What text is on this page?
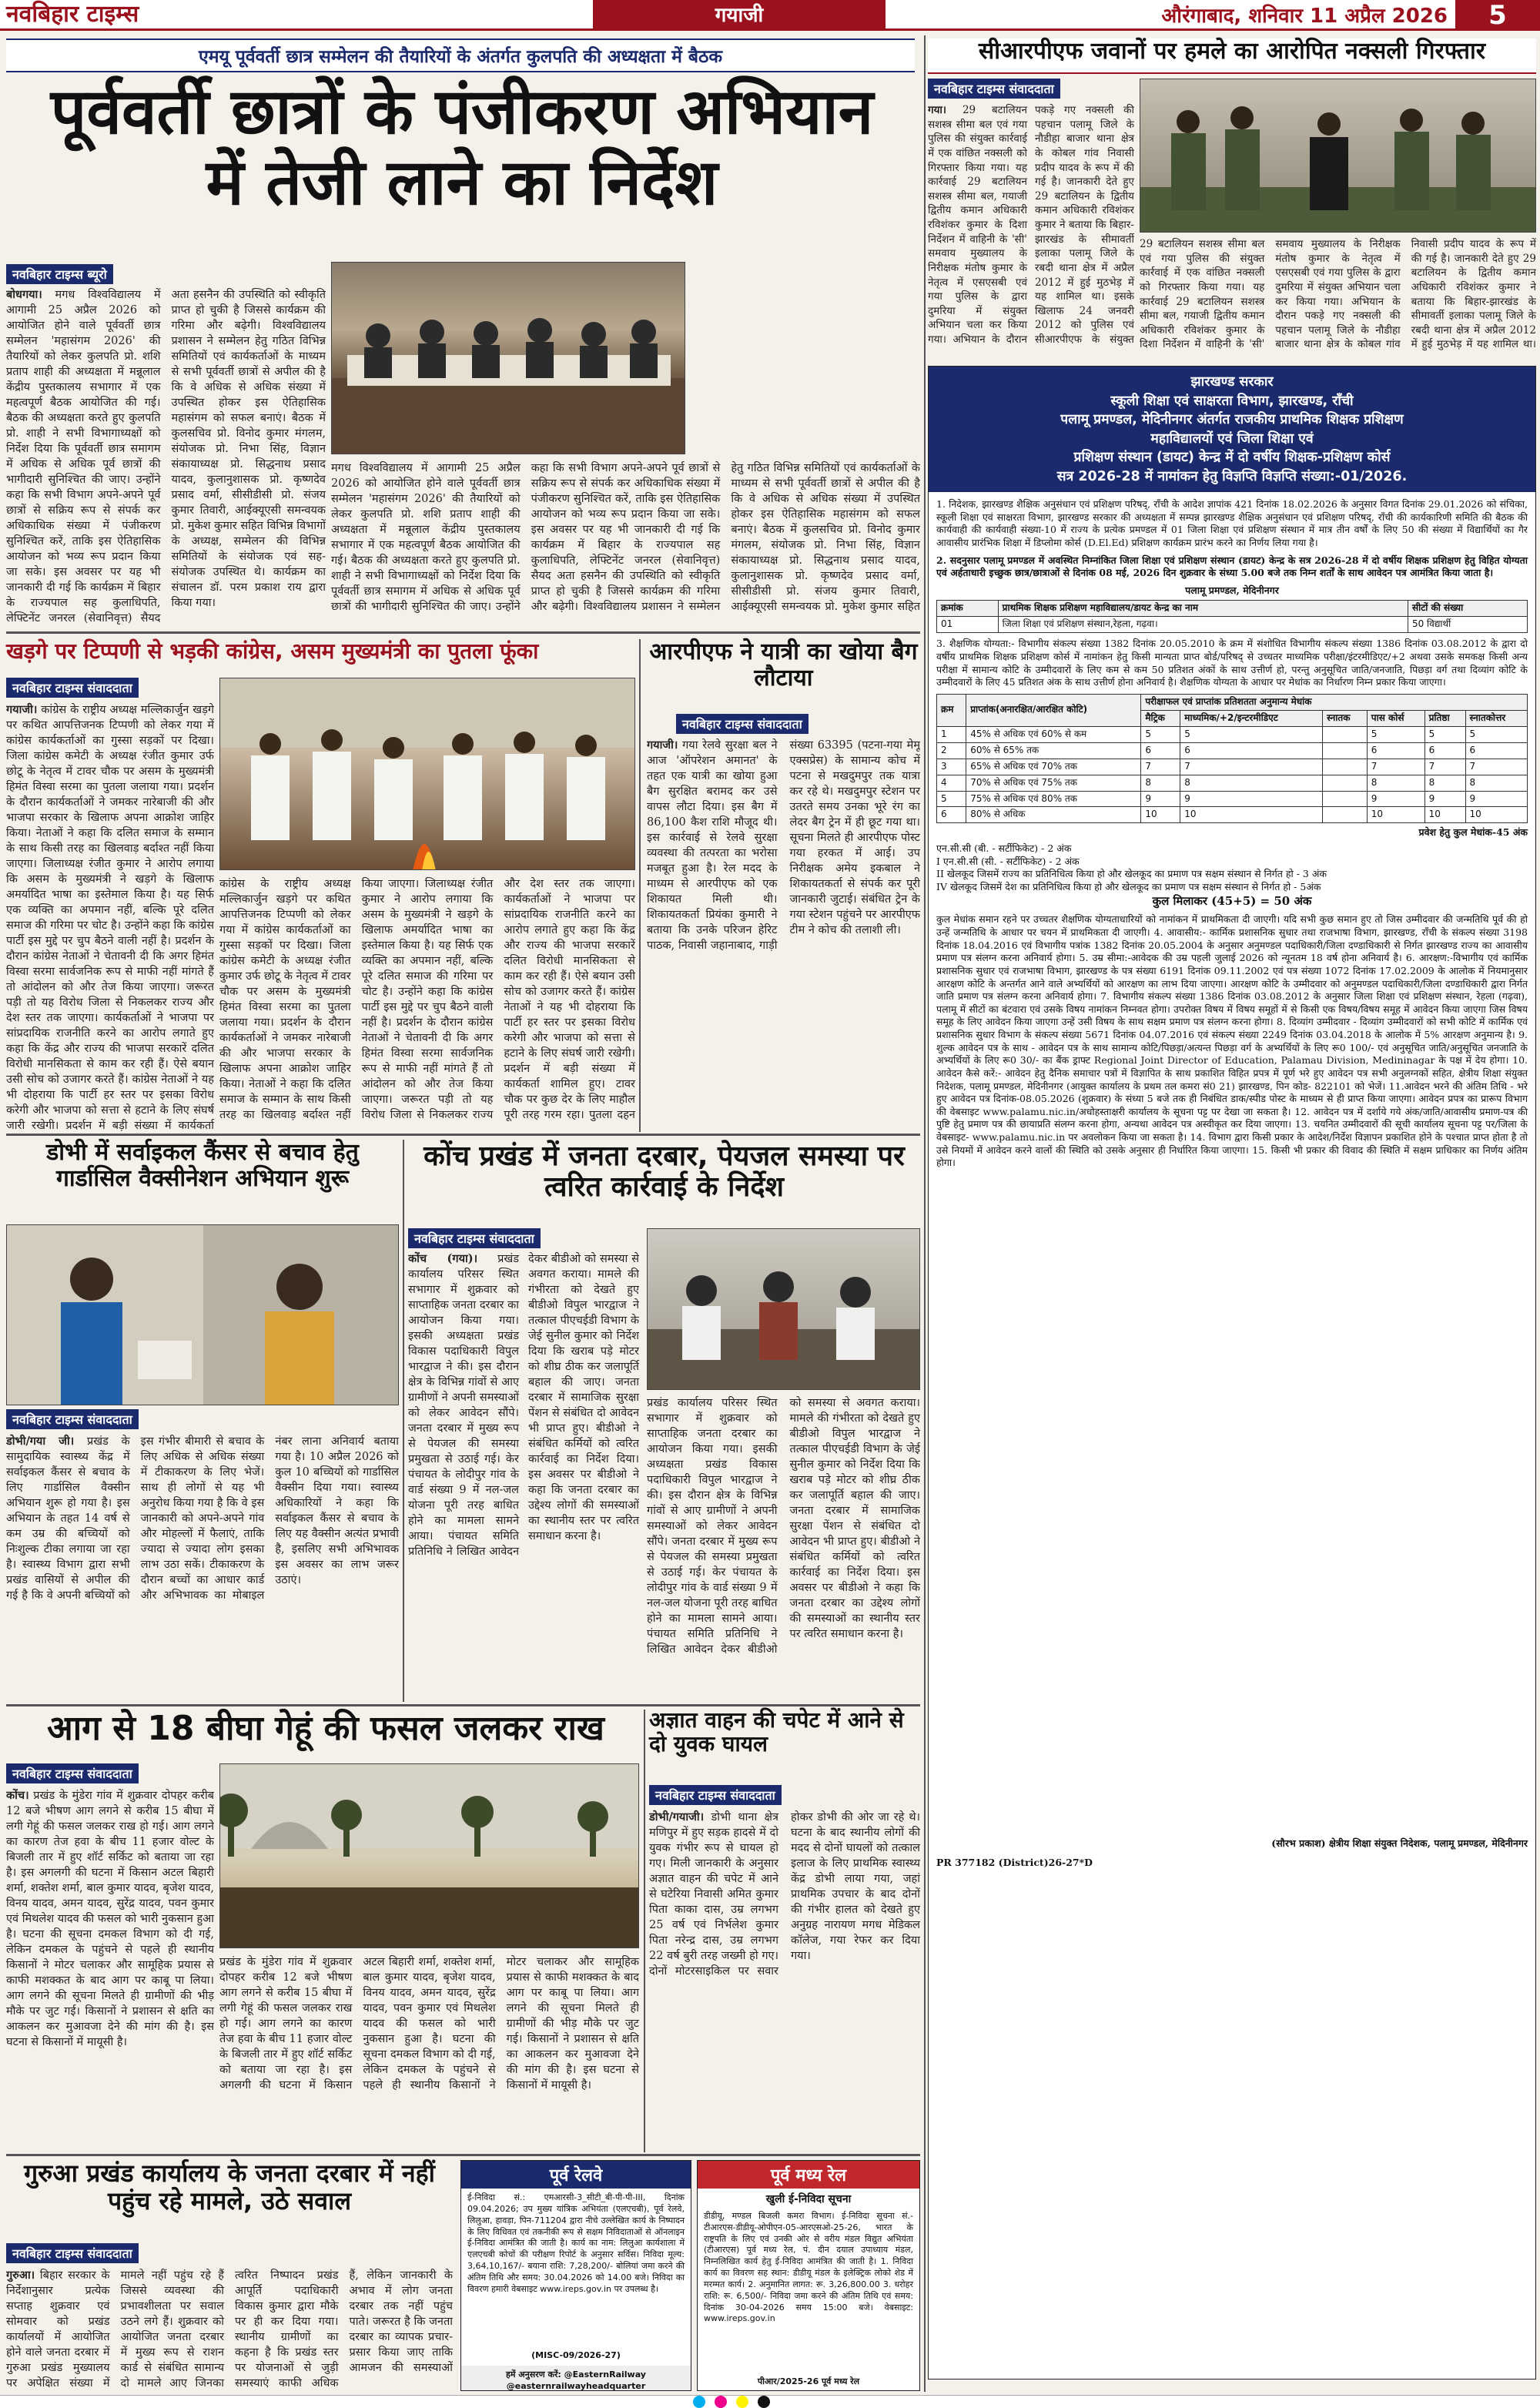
नवबिहार टाइम्स	गयाजी	औरंगाबाद, शनिवार 11 अप्रैल 2026	5
एमयू पूर्ववर्ती छात्र सम्मेलन की तैयारियों के अंतर्गत कुलपति की अध्यक्षता में बैठक
पूर्ववर्ती छात्रों के पंजीकरण अभियान में तेजी लाने का निर्देश
नवबिहार टाइम्स ब्यूरो
बोधगया। मगध विश्वविद्यालय में आगामी 25 अप्रैल 2026 को आयोजित होने वाले पूर्ववर्ती छात्र सम्मेलन 'महासंगम 2026' की तैयारियों को लेकर कुलपति प्रो. शशि प्रताप शाही की अध्यक्षता में मन्नूलाल केंद्रीय पुस्तकालय सभागार में एक महत्वपूर्ण बैठक आयोजित की गई। बैठक की अध्यक्षता करते हुए कुलपति प्रो. शाही ने सभी विभागाध्यक्षों को निर्देश दिया कि पूर्ववर्ती छात्र समागम में अधिक से अधिक पूर्व छात्रों की भागीदारी सुनिश्चित की जाए। उन्होंने कहा कि सभी विभाग अपने-अपने पूर्व छात्रों से सक्रिय रूप से संपर्क कर अधिकाधिक संख्या में पंजीकरण सुनिश्चित करें, ताकि इस ऐतिहासिक आयोजन को भव्य रूप प्रदान किया जा सके। इस अवसर पर यह भी जानकारी दी गई कि कार्यक्रम में बिहार के राज्यपाल सह कुलाधिपति, लेफ्टिनेंट जनरल (सेवानिवृत्त) सैयद अता हसनैन की उपस्थिति को स्वीकृति प्राप्त हो चुकी है जिससे कार्यक्रम की गरिमा और बढ़ेगी। विश्वविद्यालय प्रशासन ने सम्मेलन हेतु गठित विभिन्न समितियों एवं कार्यकर्ताओं के माध्यम से सभी पूर्ववर्ती छात्रों से अपील की है कि वे अधिक से अधिक संख्या में उपस्थित होकर इस ऐतिहासिक महासंगम को सफल बनाएं। बैठक में कुलसचिव प्रो. विनोद कुमार मंगलम, संयोजक प्रो. निभा सिंह, विज्ञान संकायाध्यक्ष प्रो. सिद्धनाथ प्रसाद यादव, कुलानुशासक प्रो. कृष्णदेव प्रसाद वर्मा, सीसीडीसी प्रो. संजय कुमार तिवारी, आईक्यूएसी समन्वयक प्रो. मुकेश कुमार सहित विभिन्न विभागों के अध्यक्ष, सम्मेलन की विभिन्न समितियों के संयोजक एवं सह-संयोजक उपस्थित थे। कार्यक्रम का संचालन डॉ. परम प्रकाश राय द्वारा किया गया।
मगध विश्वविद्यालय में आगामी 25 अप्रैल 2026 को आयोजित होने वाले पूर्ववर्ती छात्र सम्मेलन 'महासंगम 2026' की तैयारियों को लेकर कुलपति प्रो. शशि प्रताप शाही की अध्यक्षता में मन्नूलाल केंद्रीय पुस्तकालय सभागार में एक महत्वपूर्ण बैठक आयोजित की गई। बैठक की अध्यक्षता करते हुए कुलपति प्रो. शाही ने सभी विभागाध्यक्षों को निर्देश दिया कि पूर्ववर्ती छात्र समागम में अधिक से अधिक पूर्व छात्रों की भागीदारी सुनिश्चित की जाए। उन्होंने कहा कि सभी विभाग अपने-अपने पूर्व छात्रों से सक्रिय रूप से संपर्क कर अधिकाधिक संख्या में पंजीकरण सुनिश्चित करें, ताकि इस ऐतिहासिक आयोजन को भव्य रूप प्रदान किया जा सके। इस अवसर पर यह भी जानकारी दी गई कि कार्यक्रम में बिहार के राज्यपाल सह कुलाधिपति, लेफ्टिनेंट जनरल (सेवानिवृत्त) सैयद अता हसनैन की उपस्थिति को स्वीकृति प्राप्त हो चुकी है जिससे कार्यक्रम की गरिमा और बढ़ेगी। विश्वविद्यालय प्रशासन ने सम्मेलन हेतु गठित विभिन्न समितियों एवं कार्यकर्ताओं के माध्यम से सभी पूर्ववर्ती छात्रों से अपील की है कि वे अधिक से अधिक संख्या में उपस्थित होकर इस ऐतिहासिक महासंगम को सफल बनाएं। बैठक में कुलसचिव प्रो. विनोद कुमार मंगलम, संयोजक प्रो. निभा सिंह, विज्ञान संकायाध्यक्ष प्रो. सिद्धनाथ प्रसाद यादव, कुलानुशासक प्रो. कृष्णदेव प्रसाद वर्मा, सीसीडीसी प्रो. संजय कुमार तिवारी, आईक्यूएसी समन्वयक प्रो. मुकेश कुमार सहित
खड़गे पर टिप्पणी से भड़की कांग्रेस, असम मुख्यमंत्री का पुतला फूंका
नवबिहार टाइम्स संवाददाता
गयाजी। कांग्रेस के राष्ट्रीय अध्यक्ष मल्लिकार्जुन खड़गे पर कथित आपत्तिजनक टिप्पणी को लेकर गया में कांग्रेस कार्यकर्ताओं का गुस्सा सड़कों पर दिखा। जिला कांग्रेस कमेटी के अध्यक्ष रंजीत कुमार उर्फ छोटू के नेतृत्व में टावर चौक पर असम के मुख्यमंत्री हिमंत विस्वा सरमा का पुतला जलाया गया। प्रदर्शन के दौरान कार्यकर्ताओं ने जमकर नारेबाजी की और भाजपा सरकार के खिलाफ अपना आक्रोश जाहिर किया। नेताओं ने कहा कि दलित समाज के सम्मान के साथ किसी तरह का खिलवाड़ बर्दाश्त नहीं किया जाएगा। जिलाध्यक्ष रंजीत कुमार ने आरोप लगाया कि असम के मुख्यमंत्री ने खड़गे के खिलाफ अमर्यादित भाषा का इस्तेमाल किया है। यह सिर्फ एक व्यक्ति का अपमान नहीं, बल्कि पूरे दलित समाज की गरिमा पर चोट है। उन्होंने कहा कि कांग्रेस पार्टी इस मुद्दे पर चुप बैठने वाली नहीं है। प्रदर्शन के दौरान कांग्रेस नेताओं ने चेतावनी दी कि अगर हिमंत विस्वा सरमा सार्वजनिक रूप से माफी नहीं मांगते हैं तो आंदोलन को और तेज किया जाएगा। जरूरत पड़ी तो यह विरोध जिला से निकलकर राज्य और देश स्तर तक जाएगा। कार्यकर्ताओं ने भाजपा पर सांप्रदायिक राजनीति करने का आरोप लगाते हुए कहा कि केंद्र और राज्य की भाजपा सरकारें दलित विरोधी मानसिकता से काम कर रही हैं। ऐसे बयान उसी सोच को उजागर करते हैं। कांग्रेस नेताओं ने यह भी दोहराया कि पार्टी हर स्तर पर इसका विरोध करेगी और भाजपा को सत्ता से हटाने के लिए संघर्ष जारी रखेगी। प्रदर्शन में बड़ी संख्या में कार्यकर्ता
कांग्रेस के राष्ट्रीय अध्यक्ष मल्लिकार्जुन खड़गे पर कथित आपत्तिजनक टिप्पणी को लेकर गया में कांग्रेस कार्यकर्ताओं का गुस्सा सड़कों पर दिखा। जिला कांग्रेस कमेटी के अध्यक्ष रंजीत कुमार उर्फ छोटू के नेतृत्व में टावर चौक पर असम के मुख्यमंत्री हिमंत विस्वा सरमा का पुतला जलाया गया। प्रदर्शन के दौरान कार्यकर्ताओं ने जमकर नारेबाजी की और भाजपा सरकार के खिलाफ अपना आक्रोश जाहिर किया। नेताओं ने कहा कि दलित समाज के सम्मान के साथ किसी तरह का खिलवाड़ बर्दाश्त नहीं किया जाएगा। जिलाध्यक्ष रंजीत कुमार ने आरोप लगाया कि असम के मुख्यमंत्री ने खड़गे के खिलाफ अमर्यादित भाषा का इस्तेमाल किया है। यह सिर्फ एक व्यक्ति का अपमान नहीं, बल्कि पूरे दलित समाज की गरिमा पर चोट है। उन्होंने कहा कि कांग्रेस पार्टी इस मुद्दे पर चुप बैठने वाली नहीं है। प्रदर्शन के दौरान कांग्रेस नेताओं ने चेतावनी दी कि अगर हिमंत विस्वा सरमा सार्वजनिक रूप से माफी नहीं मांगते हैं तो आंदोलन को और तेज किया जाएगा। जरूरत पड़ी तो यह विरोध जिला से निकलकर राज्य और देश स्तर तक जाएगा। कार्यकर्ताओं ने भाजपा पर सांप्रदायिक राजनीति करने का आरोप लगाते हुए कहा कि केंद्र और राज्य की भाजपा सरकारें दलित विरोधी मानसिकता से काम कर रही हैं। ऐसे बयान उसी सोच को उजागर करते हैं। कांग्रेस नेताओं ने यह भी दोहराया कि पार्टी हर स्तर पर इसका विरोध करेगी और भाजपा को सत्ता से हटाने के लिए संघर्ष जारी रखेगी। प्रदर्शन में बड़ी संख्या में कार्यकर्ता शामिल हुए। टावर चौक पर कुछ देर के लिए माहौल पूरी तरह गरम रहा। पुतला दहन
आरपीएफ ने यात्री का खोया बैग लौटाया
नवबिहार टाइम्स संवाददाता
गयाजी। गया रेलवे सुरक्षा बल ने आज 'ऑपरेशन अमानत' के तहत एक यात्री का खोया हुआ बैग सुरक्षित बरामद कर उसे वापस लौटा दिया। इस बैग में 86,100 कैश राशि मौजूद थी। इस कार्रवाई से रेलवे सुरक्षा व्यवस्था की तत्परता का भरोसा मजबूत हुआ है। रेल मदद के माध्यम से आरपीएफ को एक शिकायत मिली थी। शिकायतकर्ता प्रियंका कुमारी ने बताया कि उनके परिजन हेरिट पाठक, निवासी जहानाबाद, गाड़ी संख्या 63395 (पटना-गया मेमू एक्सप्रेस) के सामान्य कोच में पटना से मखदुमपुर तक यात्रा कर रहे थे। मखदुमपुर स्टेशन पर उतरते समय उनका भूरे रंग का लेदर बैग ट्रेन में ही छूट गया था। सूचना मिलते ही आरपीएफ पोस्ट गया हरकत में आई। उप निरीक्षक अमेय इकबाल ने शिकायतकर्ता से संपर्क कर पूरी जानकारी जुटाई। संबंधित ट्रेन के गया स्टेशन पहुंचने पर आरपीएफ टीम ने कोच की तलाशी ली।
डोभी में सर्वाइकल कैंसर से बचाव हेतु गार्डासिल वैक्सीनेशन अभियान शुरू
नवबिहार टाइम्स संवाददाता
डोभी/गया जी। प्रखंड के सामुदायिक स्वास्थ्य केंद्र में सर्वाइकल कैंसर से बचाव के लिए गार्डासिल वैक्सीन अभियान शुरू हो गया है। इस अभियान के तहत 14 वर्ष से कम उम्र की बच्चियों को निःशुल्क टीका लगाया जा रहा है। स्वास्थ्य विभाग द्वारा सभी प्रखंड वासियों से अपील की गई है कि वे अपनी बच्चियों को इस गंभीर बीमारी से बचाव के लिए अधिक से अधिक संख्या में टीकाकरण के लिए भेजें। साथ ही लोगों से यह भी अनुरोध किया गया है कि वे इस जानकारी को अपने-अपने गांव और मोहल्लों में फैलाएं, ताकि ज्यादा से ज्यादा लोग इसका लाभ उठा सकें। टीकाकरण के दौरान बच्चों का आधार कार्ड और अभिभावक का मोबाइल नंबर लाना अनिवार्य बताया गया है। 10 अप्रैल 2026 को कुल 10 बच्चियों को गार्डासिल वैक्सीन दिया गया। स्वास्थ्य अधिकारियों ने कहा कि सर्वाइकल कैंसर से बचाव के लिए यह वैक्सीन अत्यंत प्रभावी है, इसलिए सभी अभिभावक इस अवसर का लाभ जरूर उठाएं।
कोंच प्रखंड में जनता दरबार, पेयजल समस्या पर त्वरित कार्रवाई के निर्देश
नवबिहार टाइम्स संवाददाता
कोंच (गया)। प्रखंड कार्यालय परिसर स्थित सभागार में शुक्रवार को साप्ताहिक जनता दरबार का आयोजन किया गया। इसकी अध्यक्षता प्रखंड विकास पदाधिकारी विपुल भारद्वाज ने की। इस दौरान क्षेत्र के विभिन्न गांवों से आए ग्रामीणों ने अपनी समस्याओं को लेकर आवेदन सौंपे। जनता दरबार में मुख्य रूप से पेयजल की समस्या प्रमुखता से उठाई गई। केर पंचायत के लोदीपुर गांव के वार्ड संख्या 9 में नल-जल योजना पूरी तरह बाधित होने का मामला सामने आया। पंचायत समिति प्रतिनिधि ने लिखित आवेदन देकर बीडीओ को समस्या से अवगत कराया। मामले की गंभीरता को देखते हुए बीडीओ विपुल भारद्वाज ने तत्काल पीएचईडी विभाग के जेई सुनील कुमार को निर्देश दिया कि खराब पड़े मोटर को शीघ्र ठीक कर जलापूर्ति बहाल की जाए। जनता दरबार में सामाजिक सुरक्षा पेंशन से संबंधित दो आवेदन भी प्राप्त हुए। बीडीओ ने संबंधित कर्मियों को त्वरित कार्रवाई का निर्देश दिया। इस अवसर पर बीडीओ ने कहा कि जनता दरबार का उद्देश्य लोगों की समस्याओं का स्थानीय स्तर पर त्वरित समाधान करना है।
प्रखंड कार्यालय परिसर स्थित सभागार में शुक्रवार को साप्ताहिक जनता दरबार का आयोजन किया गया। इसकी अध्यक्षता प्रखंड विकास पदाधिकारी विपुल भारद्वाज ने की। इस दौरान क्षेत्र के विभिन्न गांवों से आए ग्रामीणों ने अपनी समस्याओं को लेकर आवेदन सौंपे। जनता दरबार में मुख्य रूप से पेयजल की समस्या प्रमुखता से उठाई गई। केर पंचायत के लोदीपुर गांव के वार्ड संख्या 9 में नल-जल योजना पूरी तरह बाधित होने का मामला सामने आया। पंचायत समिति प्रतिनिधि ने लिखित आवेदन देकर बीडीओ को समस्या से अवगत कराया। मामले की गंभीरता को देखते हुए बीडीओ विपुल भारद्वाज ने तत्काल पीएचईडी विभाग के जेई सुनील कुमार को निर्देश दिया कि खराब पड़े मोटर को शीघ्र ठीक कर जलापूर्ति बहाल की जाए। जनता दरबार में सामाजिक सुरक्षा पेंशन से संबंधित दो आवेदन भी प्राप्त हुए। बीडीओ ने संबंधित कर्मियों को त्वरित कार्रवाई का निर्देश दिया। इस अवसर पर बीडीओ ने कहा कि जनता दरबार का उद्देश्य लोगों की समस्याओं का स्थानीय स्तर पर त्वरित समाधान करना है।
आग से 18 बीघा गेहूं की फसल जलकर राख
नवबिहार टाइम्स संवाददाता
कोंच। प्रखंड के मुंडेरा गांव में शुक्रवार दोपहर करीब 12 बजे भीषण आग लगने से करीब 15 बीघा में लगी गेहूं की फसल जलकर राख हो गई। आग लगने का कारण तेज हवा के बीच 11 हजार वोल्ट के बिजली तार में हुए शॉर्ट सर्किट को बताया जा रहा है। इस अगलगी की घटना में किसान अटल बिहारी शर्मा, शक्तेश शर्मा, बाल कुमार यादव, बृजेश यादव, विनय यादव, अमन यादव, सुरेंद्र यादव, पवन कुमार एवं मिथलेश यादव की फसल को भारी नुकसान हुआ है। घटना की सूचना दमकल विभाग को दी गई, लेकिन दमकल के पहुंचने से पहले ही स्थानीय किसानों ने मोटर चलाकर और सामूहिक प्रयास से काफी मशक्कत के बाद आग पर काबू पा लिया। आग लगने की सूचना मिलते ही ग्रामीणों की भीड़ मौके पर जुट गई। किसानों ने प्रशासन से क्षति का आकलन कर मुआवजा देने की मांग की है। इस घटना से किसानों में मायूसी है।
प्रखंड के मुंडेरा गांव में शुक्रवार दोपहर करीब 12 बजे भीषण आग लगने से करीब 15 बीघा में लगी गेहूं की फसल जलकर राख हो गई। आग लगने का कारण तेज हवा के बीच 11 हजार वोल्ट के बिजली तार में हुए शॉर्ट सर्किट को बताया जा रहा है। इस अगलगी की घटना में किसान अटल बिहारी शर्मा, शक्तेश शर्मा, बाल कुमार यादव, बृजेश यादव, विनय यादव, अमन यादव, सुरेंद्र यादव, पवन कुमार एवं मिथलेश यादव की फसल को भारी नुकसान हुआ है। घटना की सूचना दमकल विभाग को दी गई, लेकिन दमकल के पहुंचने से पहले ही स्थानीय किसानों ने मोटर चलाकर और सामूहिक प्रयास से काफी मशक्कत के बाद आग पर काबू पा लिया। आग लगने की सूचना मिलते ही ग्रामीणों की भीड़ मौके पर जुट गई। किसानों ने प्रशासन से क्षति का आकलन कर मुआवजा देने की मांग की है। इस घटना से किसानों में मायूसी है।
अज्ञात वाहन की चपेट में आने से दो युवक घायल
नवबिहार टाइम्स संवाददाता
डोभी/गयाजी। डोभी थाना क्षेत्र मणिपुर में हुए सड़क हादसे में दो युवक गंभीर रूप से घायल हो गए। मिली जानकारी के अनुसार अज्ञात वाहन की चपेट में आने से घटेरिया निवासी अमित कुमार पिता काका दास, उम्र लगभग 25 वर्ष एवं निर्भलेश कुमार पिता नरेन्द्र दास, उम्र लगभग 22 वर्ष बुरी तरह जख्मी हो गए। दोनों मोटरसाइकिल पर सवार होकर डोभी की ओर जा रहे थे। घटना के बाद स्थानीय लोगों की मदद से दोनों घायलों को तत्काल इलाज के लिए प्राथमिक स्वास्थ्य केंद्र डोभी लाया गया, जहां प्राथमिक उपचार के बाद दोनों की गंभीर हालत को देखते हुए अनुग्रह नारायण मगध मेडिकल कॉलेज, गया रेफर कर दिया गया।
गुरुआ प्रखंड कार्यालय के जनता दरबार में नहीं पहुंच रहे मामले, उठे सवाल
नवबिहार टाइम्स संवाददाता
गुरुआ। बिहार सरकार के निर्देशानुसार प्रत्येक सप्ताह शुक्रवार एवं सोमवार को प्रखंड कार्यालयों में आयोजित होने वाले जनता दरबार में गुरुआ प्रखंड मुख्यालय पर अपेक्षित संख्या में मामले नहीं पहुंच रहे हैं जिससे व्यवस्था की प्रभावशीलता पर सवाल उठने लगे हैं। शुक्रवार को आयोजित जनता दरबार में मुख्य रूप से राशन कार्ड से संबंधित सामान्य दो मामले आए जिनका त्वरित निष्पादन प्रखंड आपूर्ति पदाधिकारी विकास कुमार द्वारा मौके पर ही कर दिया गया। स्थानीय ग्रामीणों का कहना है कि प्रखंड स्तर पर योजनाओं से जुड़ी समस्याएं काफी अधिक हैं, लेकिन जानकारी के अभाव में लोग जनता दरबार तक नहीं पहुंच पाते। जरूरत है कि जनता दरबार का व्यापक प्रचार-प्रसार किया जाए ताकि आमजन की समस्याओं
पूर्व रेलवे
ई-निविदा सं.: एमआरसी-3_सीटी_बी-पी-पी-III, दिनांक 09.04.2026; उप मुख्य यांत्रिक अभियंता (एलएचबी), पूर्व रेलवे, लिलुआ, हावड़ा, पिन-711204 द्वारा नीचे उल्लेखित कार्य के निष्पादन के लिए विधिवत एवं तकनीकी रूप से सक्षम निविदाताओं से ऑनलाइन ई-निविदा आमंत्रित की जाती है। कार्य का नाम: लिलुआ कार्यशाला में एलएचबी कोचों की परीक्षण रिपोर्ट के अनुसार सर्विस। निविदा मूल्य: 3,64,10,167/- बयाना राशि: 7,28,200/- बोलियां जमा करने की अंतिम तिथि और समय: 30.04.2026 को 14.00 बजे। निविदा का विवरण हमारी वेबसाइट www.ireps.gov.in पर उपलब्ध है।
(MISC-09/2026-27)
हमें अनुसरण करें: @EasternRailway @easternrailwayheadquarter
पूर्व मध्य रेल
खुली ई-निविदा सूचना
डीडीयू, मण्डल बिजली कमरा विभाग। ई-निविदा सूचना सं.- टीआरएस-डीडीयू-ओपीएन-05-आरएसओ-25-26, भारत के राष्ट्रपति के लिए एवं उनकी ओर से वरीय मंडल विद्युत अभियंता (टीआरएस) पूर्व मध्य रेल, पं. दीन दयाल उपाध्याय मंडल, निम्नलिखित कार्य हेतु ई-निविदा आमंत्रित की जाती है। 1. निविदा कार्य का विवरण सह स्थान: डीडीयू मंडल के इलेक्ट्रिक लोको शेड में मरम्मत कार्य। 2. अनुमानित लागत: रू. 3,26,800.00 3. धरोहर राशि: रू. 6,500/- निविदा जमा करने की अंतिम तिथि एवं समय: दिनांक 30-04-2026 समय 15:00 बजे। वेबसाइट: www.ireps.gov.in
पीआर/2025-26 पूर्व मध्य रेल
सीआरपीएफ जवानों पर हमले का आरोपित नक्सली गिरफ्तार
नवबिहार टाइम्स संवाददाता
गया। 29 बटालियन सशस्त्र सीमा बल एवं गया पुलिस की संयुक्त कार्रवाई में एक वांछित नक्सली को गिरफ्तार किया गया। यह कार्रवाई 29 बटालियन सशस्त्र सीमा बल, गयाजी द्वितीय कमान अधिकारी रविशंकर कुमार के दिशा निर्देशन में वाहिनी के 'सी' समवाय मुख्यालय के निरीक्षक मंतोष कुमार के नेतृत्व में एसएसबी एवं गया पुलिस के द्वारा दुमरिया में संयुक्त अभियान चला कर किया गया। अभियान के दौरान पकड़े गए नक्सली की पहचान पलामू जिले के नौडीहा बाजार थाना क्षेत्र के कोबल गांव निवासी प्रदीप यादव के रूप में की गई है। जानकारी देते हुए 29 बटालियन के द्वितीय कमान अधिकारी रविशंकर कुमार ने बताया कि बिहार-झारखंड के सीमावर्ती इलाका पलामू जिले के रबदी थाना क्षेत्र में अप्रैल 2012 में हुई मुठभेड़ में यह शामिल था। इसके खिलाफ 24 जनवरी 2012 को पुलिस एवं सीआरपीएफ के संयुक्त
29 बटालियन सशस्त्र सीमा बल एवं गया पुलिस की संयुक्त कार्रवाई में एक वांछित नक्सली को गिरफ्तार किया गया। यह कार्रवाई 29 बटालियन सशस्त्र सीमा बल, गयाजी द्वितीय कमान अधिकारी रविशंकर कुमार के दिशा निर्देशन में वाहिनी के 'सी' समवाय मुख्यालय के निरीक्षक मंतोष कुमार के नेतृत्व में एसएसबी एवं गया पुलिस के द्वारा दुमरिया में संयुक्त अभियान चला कर किया गया। अभियान के दौरान पकड़े गए नक्सली की पहचान पलामू जिले के नौडीहा बाजार थाना क्षेत्र के कोबल गांव निवासी प्रदीप यादव के रूप में की गई है। जानकारी देते हुए 29 बटालियन के द्वितीय कमान अधिकारी रविशंकर कुमार ने बताया कि बिहार-झारखंड के सीमावर्ती इलाका पलामू जिले के रबदी थाना क्षेत्र में अप्रैल 2012 में हुई मुठभेड़ में यह शामिल था।
झारखण्ड सरकार
स्कूली शिक्षा एवं साक्षरता विभाग, झारखण्ड, राँची
पलामू प्रमण्डल, मेदिनीनगर अंतर्गत राजकीय प्राथमिक शिक्षक प्रशिक्षण
महाविद्यालयों एवं जिला शिक्षा एवं
प्रशिक्षण संस्थान (डायट) केन्द्र में दो वर्षीय शिक्षक-प्रशिक्षण कोर्स
सत्र 2026-28 में नामांकन हेतु विज्ञप्ति विज्ञप्ति संख्या:-01/2026.
1. निदेशक, झारखण्ड शैक्षिक अनुसंधान एवं प्रशिक्षण परिषद्, राँची के आदेश ज्ञापांक 421 दिनांक 18.02.2026 के अनुसार विगत दिनांक 29.01.2026 को संचिका, स्कूली शिक्षा एवं साक्षरता विभाग, झारखण्ड सरकार की अध्यक्षता में सम्पन्न झारखण्ड शैक्षिक अनुसंधान एवं प्रशिक्षण परिषद्, राँची की कार्यकारिणी समिति की बैठक की कार्यवाही की कार्यवाही संख्या-10 में राज्य के प्रत्येक प्रमण्डल में 01 जिला शिक्षा एवं प्रशिक्षण संस्थान में मात्र तीन वर्षों के लिए 50 की संख्या में विद्यार्थियों का गैर आवासीय प्रारंभिक शिक्षा में डिप्लोमा कोर्स (D.El.Ed) प्रशिक्षण कार्यक्रम प्रारंभ करने का निर्णय लिया गया है।
2. सदनुसार पलामू प्रमण्डल में अवस्थित निम्नांकित जिला शिक्षा एवं प्रशिक्षण संस्थान (डायट) केन्द्र के सत्र 2026-28 में दो वर्षीय शिक्षक प्रशिक्षण हेतु विहित योग्यता एवं अर्हताधारी इच्छुक छात्र/छात्राओं से दिनांक 08 मई, 2026 दिन शुक्रवार के संध्या 5.00 बजे तक निम्न शर्तों के साथ आवेदन पत्र आमंत्रित किया जाता है।
पलामू प्रमण्डल, मेदिनीनगर
क्रमांक	प्राथमिक शिक्षक प्रशिक्षण महाविद्यालय/डायट केन्द्र का नाम	सीटों की संख्या
01	जिला शिक्षा एवं प्रशिक्षण संस्थान,रेहला, गढ़वा।	50 विद्यार्थी
3. शैक्षणिक योग्यता:- विभागीय संकल्प संख्या 1382 दिनांक 20.05.2010 के क्रम में संशोधित विभागीय संकल्प संख्या 1386 दिनांक 03.08.2012 के द्वारा दो वर्षीय प्राथमिक शिक्षक प्रशिक्षण कोर्स में नामांकन हेतु किसी मान्यता प्राप्त बोर्ड/परिषद् से उच्चतर माध्यमिक परीक्षा/इंटरमीडिएट/+2 अथवा उसके समकक्ष किसी अन्य परीक्षा में सामान्य कोटि के उम्मीदवारों के लिए कम से कम 50 प्रतिशत अंकों के साथ उत्तीर्ण हो, परन्तु अनुसूचित जाति/जनजाति, पिछड़ा वर्ग तथा दिव्यांग कोटि के उम्मीदवारों के लिए 45 प्रतिशत अंक के साथ उत्तीर्ण होना अनिवार्य है। शैक्षणिक योग्यता के आधार पर मेधांक का निर्धारण निम्न प्रकार किया जाएगा।
क्रम	प्राप्तांक(अनारक्षित/आरक्षित कोटि)	परीक्षाफल एवं प्राप्तांक प्रतिशतता अनुमान्य मेधांक					
		मैट्रिक	माध्यमिक/+2/इन्टरमीडिएट	स्नातक	पास कोर्स	प्रतिष्ठा	स्नातकोत्तर
1	45% से अधिक एवं 60% से कम	5	5		5	5	5
2	60% से 65% तक	6	6		6	6	6
3	65% से अधिक एवं 70% तक	7	7		7	7	7
4	70% से अधिक एवं 75% तक	8	8		8	8	8
5	75% से अधिक एवं 80% तक	9	9		9	9	9
6	80% से अधिक	10	10		10	10	10
प्रवेश हेतु कुल मेधांक-45 अंक
एन.सी.सी (बी. - सर्टीफिकेट) - 2 अंक
I एन.सी.सी (सी. - सर्टीफिकेट) - 2 अंक
II खेलकूद जिसमें राज्य का प्रतिनिधित्व किया हो और खेलकूद का प्रमाण पत्र सक्षम संस्थान से निर्गत हो - 3 अंक
IV खेलकूद जिसमें देश का प्रतिनिधित्व किया हो और खेलकूद का प्रमाण पत्र सक्षम संस्थान से निर्गत हो - 5अंक
कुल मिलाकर (45+5) = 50 अंक
कुल मेधांक समान रहने पर उच्चतर शैक्षणिक योग्यताधारियों को नामांकन में प्राथमिकता दी जाएगी। यदि सभी कुछ समान हुए तो जिस उम्मीदवार की जन्मतिथि पूर्व की हो उन्हें जन्मतिथि के आधार पर चयन में प्राथमिकता दी जाएगी। 4. आवासीय:- कार्मिक प्रशासनिक सुधार तथा राजभाषा विभाग, झारखण्ड, राँची के संकल्प संख्या 3198 दिनांक 18.04.2016 एवं विभागीय पत्रांक 1382 दिनांक 20.05.2004 के अनुसार अनुमण्डल पदाधिकारी/जिला दण्डाधिकारी से निर्गत झारखण्ड राज्य का आवासीय प्रमाण पत्र संलग्न करना अनिवार्य होगा। 5. उम्र सीमा:-आवेदक की उम्र पहली जुलाई 2026 को न्यूनतम 18 वर्ष होना अनिवार्य है। 6. आरक्षण:-विभागीय एवं कार्मिक प्रशासनिक सुधार एवं राजभाषा विभाग, झारखण्ड के पत्र संख्या 6191 दिनांक 09.11.2002 एवं पत्र संख्या 1072 दिनांक 17.02.2009 के आलोक में नियमानुसार आरक्षण कोटि के अन्तर्गत आने वाले अभ्यर्थियों को आरक्षण का लाभ दिया जाएगा। आरक्षण कोटि के उम्मीदवार को अनुमण्डल पदाधिकारी/जिला दण्डाधिकारी द्वारा निर्गत जाति प्रमाण पत्र संलग्न करना अनिवार्य होगा। 7. विभागीय संकल्प संख्या 1386 दिनांक 03.08.2012 के अनुसार जिला शिक्षा एवं प्रशिक्षण संस्थान, रेहला (गढ़वा), पलामू में सीटों का बंटवारा एवं उसके विषय नामांकन निम्नवत होगा। उपरोक्त विषय में विषय समूहों में से किसी एक विषय/विषय समूह में आवेदन किया जाएगा जिस विषय समूह के लिए आवेदन किया जाएगा उन्हें उसी विषय के साथ सक्षम प्रमाण पत्र संलग्न करना होगा। 8. दिव्यांग उम्मीदवार - दिव्यांग उम्मीदवारों को सभी कोटि में कार्मिक एवं प्रशासनिक सुधार विभाग के संकल्प संख्या 5671 दिनांक 04.07.2016 एवं संकल्प संख्या 2249 दिनांक 03.04.2018 के आलोक में 5% आरक्षण अनुमान्य है। 9. शुल्क आवेदन पत्र के साथ - आवेदन पत्र के साथ सामान्य कोटि/पिछड़ा/अत्यन्त पिछड़ा वर्ग के अभ्यर्थियों के लिए रू0 100/- एवं अनुसूचित जाति/अनुसूचित जनजाति के अभ्यर्थियों के लिए रू0 30/- का बैंक ड्राफ्ट Regional Joint Director of Education, Palamau Division, Medininagar के पक्ष में देय होगा। 10. आवेदन कैसे करें:- आवेदन हेतु दैनिक समाचार पत्रों में विज्ञापित के साथ प्रकाशित विहित प्रपत्र में पूर्ण भरे हुए आवेदन पत्र सभी अनुलग्नकों सहित, क्षेत्रीय शिक्षा संयुक्त निदेशक, पलामू प्रमण्डल, मेदिनीनगर (आयुक्त कार्यालय के प्रथम तल कमरा सं0 21) झारखण्ड, पिन कोड- 822101 को भेजें। 11.आवेदन भरने की अंतिम तिथि - भरे हुए आवेदन पत्र दिनांक-08.05.2026 (शुक्रवार) के संध्या 5 बजे तक ही निबंधित डाक/स्पीड पोस्ट के माध्यम से ही प्राप्त किया जाएगा। आवेदन प्रपत्र का प्रारूप विभाग की वेबसाइट www.palamu.nic.in/अधोहस्ताक्षरी कार्यालय के सूचना पट्ट पर देखा जा सकता है। 12. आवेदन पत्र में दर्शाये गये अंक/जाति/आवासीय प्रमाण-पत्र की पुष्टि हेतु प्रमाण पत्र की छायाप्रति संलग्न करना होगा, अन्यथा आवेदन पत्र अस्वीकृत कर दिया जाएगा। 13. चयनित उम्मीदवारों की सूची कार्यालय सूचना पट्ट पर/जिला के वेबसाइट- www.palamu.nic.in पर अवलोकन किया जा सकता है। 14. विभाग द्वारा किसी प्रकार के आदेश/निर्देश विज्ञापन प्रकाशित होने के पश्चात प्राप्त होता है तो उसे नियमों में आवेदन करने वालों की स्थिति को उसके अनुसार ही निर्धारित किया जाएगा। 15. किसी भी प्रकार की विवाद की स्थिति में सक्षम प्राधिकार का निर्णय अंतिम होगा।
(सौरभ प्रकाश) क्षेत्रीय शिक्षा संयुक्त निदेशक, पलामू प्रमण्डल, मेदिनीनगर
PR 377182 (District)26-27*D
